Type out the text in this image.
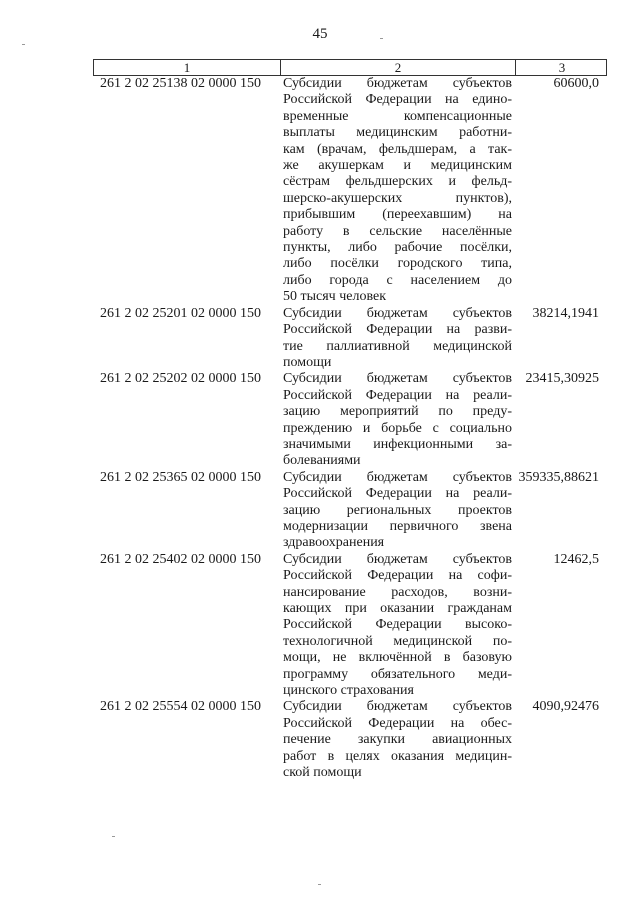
45
1	2	3
261 2 02 25138 02 0000 150	Субсидии бюджетам субъектов
Российской Федерации на едино-
временные компенсационные
выплаты медицинским работни-
кам (врачам, фельдшерам, а так-
же акушеркам и медицинским
сёстрам фельдшерских и фельд-
шерско-акушерских пунктов),
прибывшим (переехавшим) на
работу в сельские населённые
пункты, либо рабочие посёлки,
либо посёлки городского типа,
либо города с населением до
50 тысяч человек
60600,0
261 2 02 25201 02 0000 150	Субсидии бюджетам субъектов
Российской Федерации на разви-
тие паллиативной медицинской
помощи
38214,1941
261 2 02 25202 02 0000 150	Субсидии бюджетам субъектов
Российской Федерации на реали-
зацию мероприятий по преду-
преждению и борьбе с социально
значимыми инфекционными за-
болеваниями
23415,30925
261 2 02 25365 02 0000 150	Субсидии бюджетам субъектов
Российской Федерации на реали-
зацию региональных проектов
модернизации первичного звена
здравоохранения
359335,88621
261 2 02 25402 02 0000 150	Субсидии бюджетам субъектов
Российской Федерации на софи-
нансирование расходов, возни-
кающих при оказании гражданам
Российской Федерации высоко-
технологичной медицинской по-
мощи, не включённой в базовую
программу обязательного меди-
цинского страхования
12462,5
261 2 02 25554 02 0000 150	Субсидии бюджетам субъектов
Российской Федерации на обес-
печение закупки авиационных
работ в целях оказания медицин-
ской помощи
4090,92476
